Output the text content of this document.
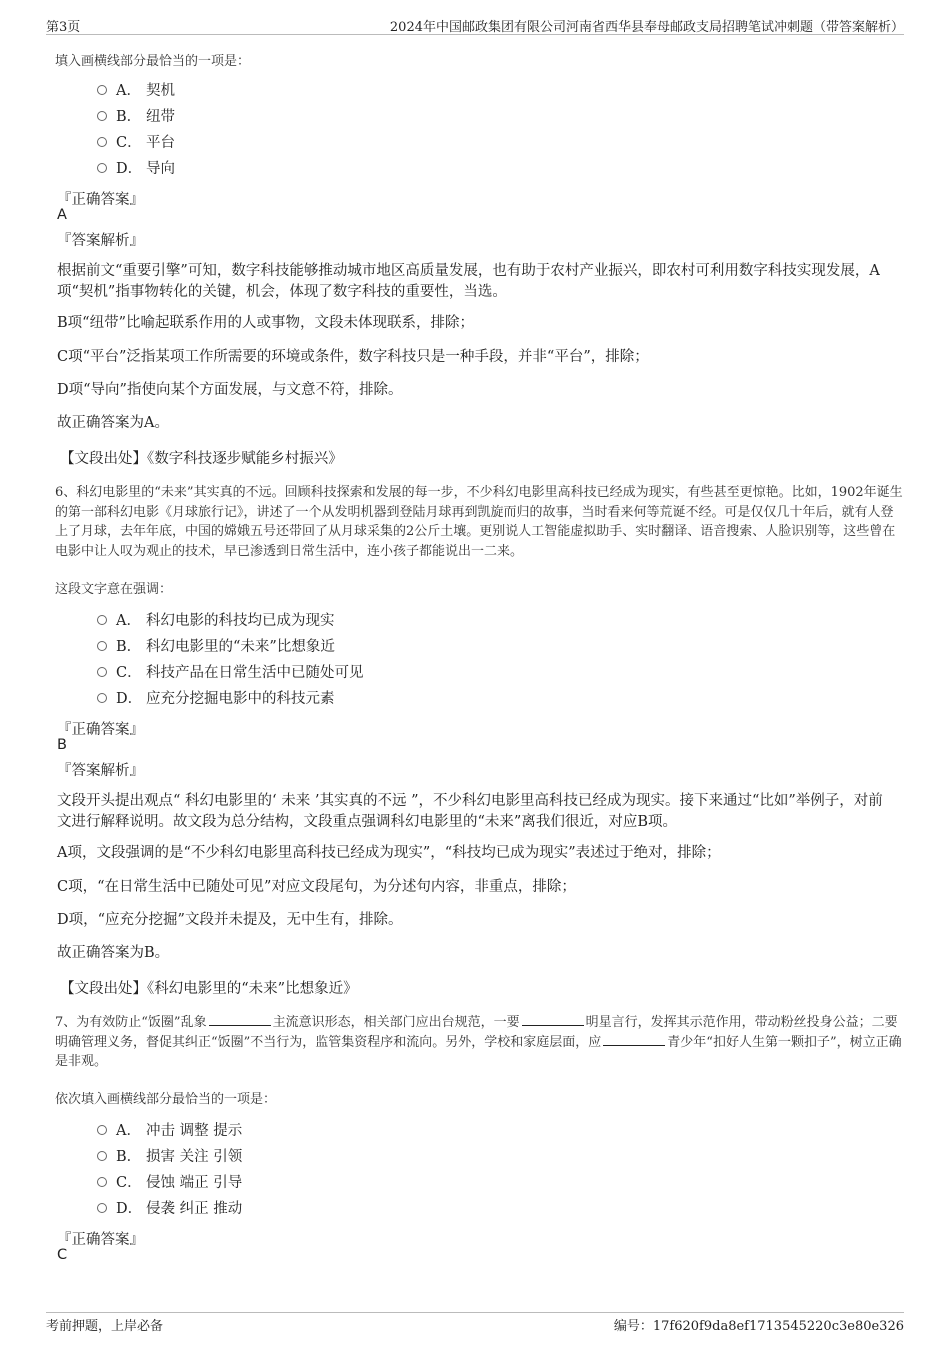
第3页	2024年中国邮政集团有限公司河南省西华县奉母邮政支局招聘笔试冲刺题（带答案解析）
填入画横线部分最恰当的一项是：
A． 契机
B． 纽带
C． 平台
D． 导向
『正确答案』
A
『答案解析』
根据前文“重要引擎”可知，数字科技能够推动城市地区高质量发展，也有助于农村产业振兴，即农村可利用数字科技实现发展，A项“契机”指事物转化的关键，机会，体现了数字科技的重要性，当选。
B项“纽带”比喻起联系作用的人或事物，文段未体现联系，排除；
C项“平台”泛指某项工作所需要的环境或条件，数字科技只是一种手段，并非“平台”，排除；
D项“导向”指使向某个方面发展，与文意不符，排除。
故正确答案为A。
【文段出处】《数字科技逐步赋能乡村振兴》
6、科幻电影里的“未来”其实真的不远。回顾科技探索和发展的每一步，不少科幻电影里高科技已经成为现实，有些甚至更惊艳。比如，1902年诞生的第一部科幻电影《月球旅行记》，讲述了一个从发明机器到登陆月球再到凯旋而归的故事，当时看来何等荒诞不经。可是仅仅几十年后，就有人登上了月球，去年年底，中国的嫦娥五号还带回了从月球采集的2公斤土壤。更别说人工智能虚拟助手、实时翻译、语音搜索、人脸识别等，这些曾在电影中让人叹为观止的技术，早已渗透到日常生活中，连小孩子都能说出一二来。
这段文字意在强调：
A． 科幻电影的科技均已成为现实
B． 科幻电影里的“未来”比想象近
C． 科技产品在日常生活中已随处可见
D． 应充分挖掘电影中的科技元素
『正确答案』
B
『答案解析』
文段开头提出观点“ 科幻电影里的‘ 未来 ’其实真的不远 ”，不少科幻电影里高科技已经成为现实。接下来通过“比如”举例子，对前文进行解释说明。故文段为总分结构，文段重点强调科幻电影里的“未来”离我们很近，对应B项。
A项，文段强调的是“不少科幻电影里高科技已经成为现实”，“科技均已成为现实”表述过于绝对，排除；
C项，“在日常生活中已随处可见”对应文段尾句，为分述句内容，非重点，排除；
D项，“应充分挖掘”文段并未提及，无中生有，排除。
故正确答案为B。
【文段出处】《科幻电影里的“未来”比想象近》
7、为有效防止“饭圈”乱象	主流意识形态，相关部门应出台规范，一要	明星言行，发挥其示范作用，带动粉丝投身公益；二要明确管理义务，督促其纠正“饭圈”不当行为，监管集资程序和流向。另外，学校和家庭层面，应	青少年“扣好人生第一颗扣子”，树立正确是非观。
依次填入画横线部分最恰当的一项是：
A． 冲击 调整 提示
B． 损害 关注 引领
C． 侵蚀 端正 引导
D． 侵袭 纠正 推动
『正确答案』
C
考前押题，上岸必备	编号：17f620f9da8ef1713545220c3e80e326
